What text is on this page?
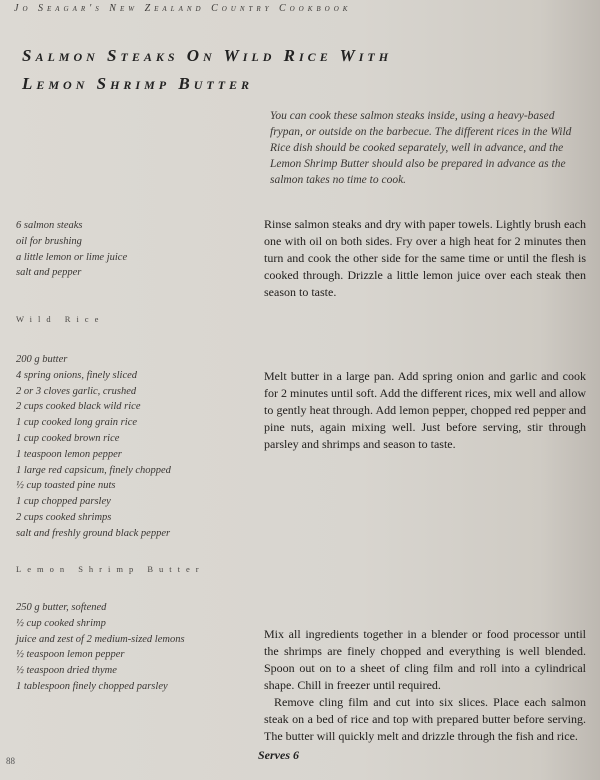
Jo Seagar's New Zealand Country Cookbook
Salmon Steaks On Wild Rice With
Lemon Shrimp Butter
You can cook these salmon steaks inside, using a heavy-based frypan, or outside on the barbecue. The different rices in the Wild Rice dish should be cooked separately, well in advance, and the Lemon Shrimp Butter should also be prepared in advance as the salmon takes no time to cook.
6 salmon steaks
oil for brushing
a little lemon or lime juice
salt and pepper
Rinse salmon steaks and dry with paper towels. Lightly brush each one with oil on both sides. Fry over a high heat for 2 minutes then turn and cook the other side for the same time or until the flesh is cooked through. Drizzle a little lemon juice over each steak then season to taste.
Wild Rice
200 g butter
4 spring onions, finely sliced
2 or 3 cloves garlic, crushed
2 cups cooked black wild rice
1 cup cooked long grain rice
1 cup cooked brown rice
1 teaspoon lemon pepper
1 large red capsicum, finely chopped
½ cup toasted pine nuts
1 cup chopped parsley
2 cups cooked shrimps
salt and freshly ground black pepper
Melt butter in a large pan. Add spring onion and garlic and cook for 2 minutes until soft. Add the different rices, mix well and allow to gently heat through. Add lemon pepper, chopped red pepper and pine nuts, again mixing well. Just before serving, stir through parsley and shrimps and season to taste.
Lemon Shrimp Butter
250 g butter, softened
½ cup cooked shrimp
juice and zest of 2 medium-sized lemons
½ teaspoon lemon pepper
½ teaspoon dried thyme
1 tablespoon finely chopped parsley
Mix all ingredients together in a blender or food processor until the shrimps are finely chopped and everything is well blended. Spoon out on to a sheet of cling film and roll into a cylindrical shape. Chill in freezer until required.
Remove cling film and cut into six slices. Place each salmon steak on a bed of rice and top with prepared butter before serving. The butter will quickly melt and drizzle through the fish and rice.
88	Serves 6
